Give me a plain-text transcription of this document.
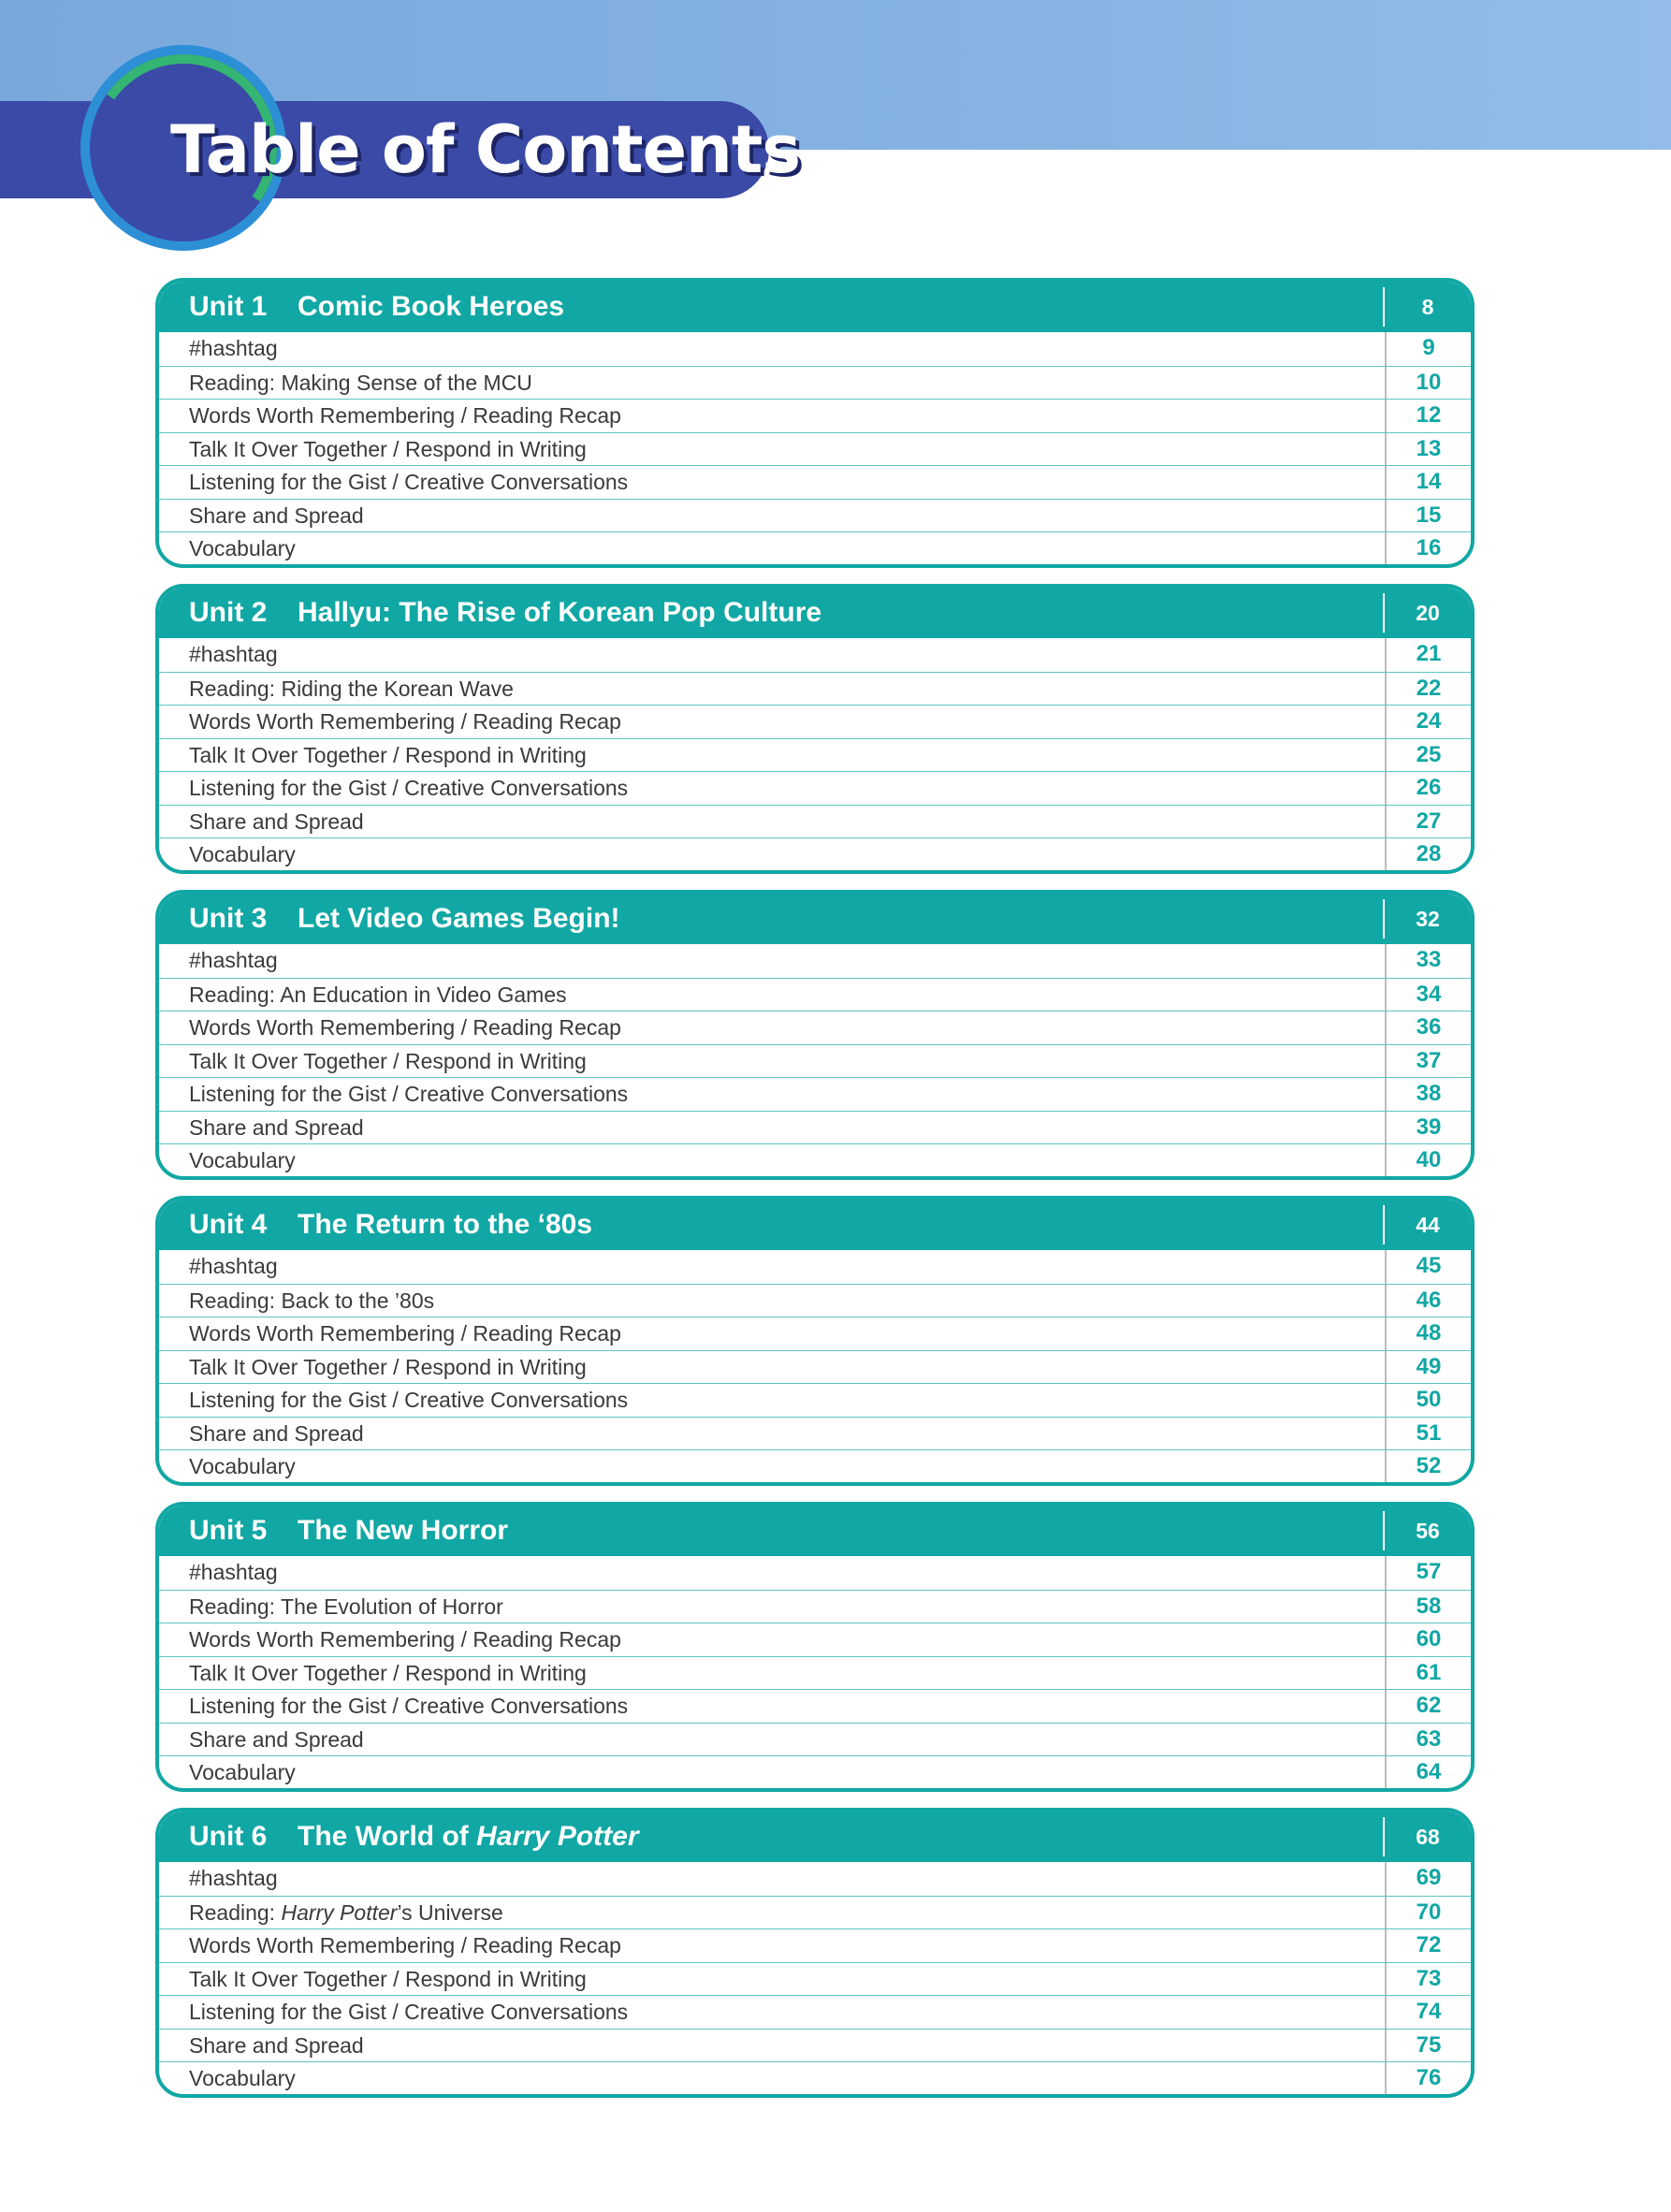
Table of Contents
Unit 1 Comic Book Heroes	8
#hashtag	9
Reading: Making Sense of the MCU	10
Words Worth Remembering / Reading Recap	12
Talk It Over Together / Respond in Writing	13
Listening for the Gist / Creative Conversations	14
Share and Spread	15
Vocabulary	16
Unit 2 Hallyu: The Rise of Korean Pop Culture	20
#hashtag	21
Reading: Riding the Korean Wave	22
Words Worth Remembering / Reading Recap	24
Talk It Over Together / Respond in Writing	25
Listening for the Gist / Creative Conversations	26
Share and Spread	27
Vocabulary	28
Unit 3 Let Video Games Begin!	32
#hashtag	33
Reading: An Education in Video Games	34
Words Worth Remembering / Reading Recap	36
Talk It Over Together / Respond in Writing	37
Listening for the Gist / Creative Conversations	38
Share and Spread	39
Vocabulary	40
Unit 4 The Return to the ‘80s	44
#hashtag	45
Reading: Back to the ’80s	46
Words Worth Remembering / Reading Recap	48
Talk It Over Together / Respond in Writing	49
Listening for the Gist / Creative Conversations	50
Share and Spread	51
Vocabulary	52
Unit 5 The New Horror	56
#hashtag	57
Reading: The Evolution of Horror	58
Words Worth Remembering / Reading Recap	60
Talk It Over Together / Respond in Writing	61
Listening for the Gist / Creative Conversations	62
Share and Spread	63
Vocabulary	64
Unit 6 The World of Harry Potter	68
#hashtag	69
Reading: Harry Potter’s Universe	70
Words Worth Remembering / Reading Recap	72
Talk It Over Together / Respond in Writing	73
Listening for the Gist / Creative Conversations	74
Share and Spread	75
Vocabulary	76
